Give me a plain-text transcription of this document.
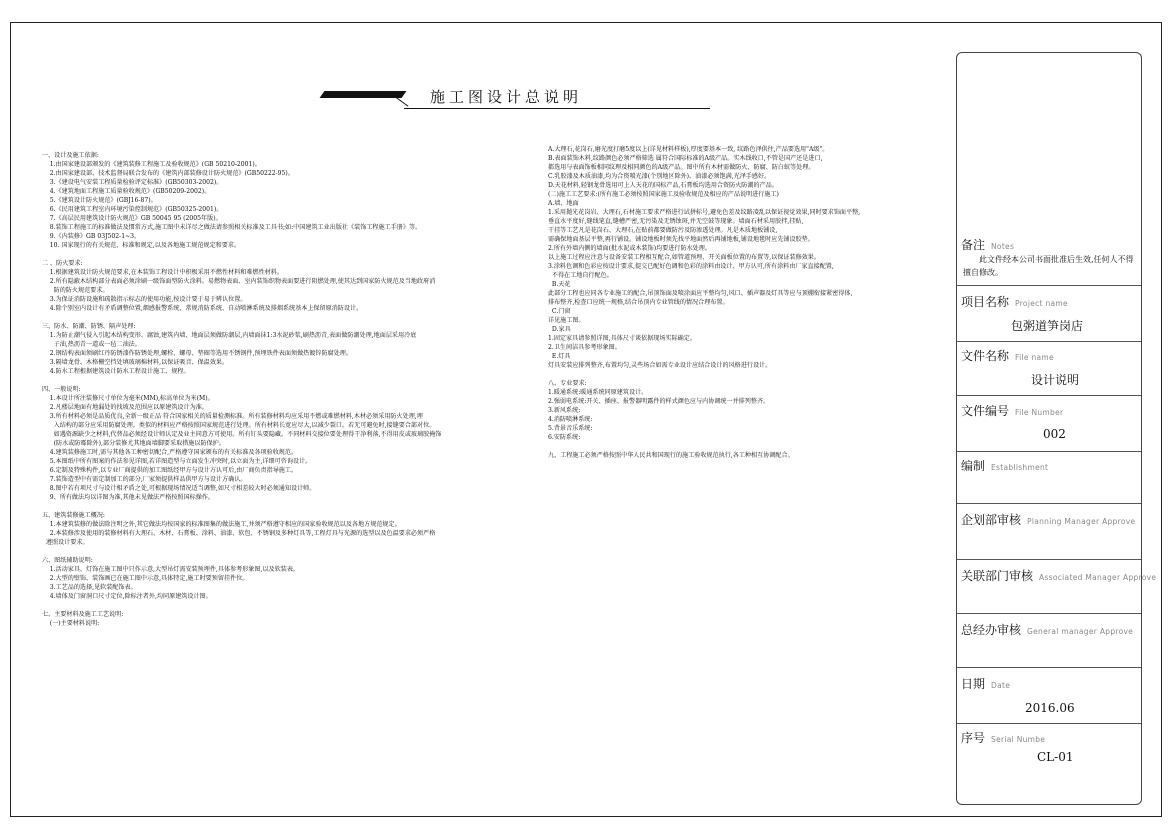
施工图设计总说明
一、设计及施工依据:
1.由国家建设部颁发的《建筑装修工程施工及验收规范》(GB 50210-2001)。
2.由国家建设部、技术监督局联合发布的《建筑内部装修设计防火规范》(GB50222-95)。
3.《建设电气安装工程质量检验评定标准》(GB50303-2002)。
4.《建筑地面工程施工质量验收规范》(GB50209-2002)。
5.《建筑设计防火规范》(GBJ16-87)。
6.《民用建筑工程室内环境污染控制规范》(GB50325-2001)。
7.《高层民用建筑设计防火规范》GB 50045 95 (2005年版)。
8.装饰工程施工的标准做法及惯常方式,施工图中未详尽之做法请参照相关标准及工具书;如:中国建筑工业出版社《装饰工程施工手册》等。
9.《内装修》GB 03J502-1~3。
10. 国家现行的有关规范、标准和规定,以及各地施工规范规定和要求。
二 、防火要求:
1.根据建筑设计防火规范要求,在本装饰工程设计中积极采用不燃性材料和难燃性材料。
2.所有隐蔽木结构部分表面必须涂刷一级饰面型防火涂料。易燃物表面、室内装饰织物表面要进行阻燃处理,使其达到国家防火规范及当地政府消
防的防火规范要求。
3.为保证消防设施和疏散指示标志的使用功能,按设计要于易于辨认位置。
4.除个别室内设计有矛盾调整位置,烟感报警系统、常规消防系统、自动喷淋系统及排烟系统基本上保留原消防设计。
三、防水、防潮、防锈、隔声处理:
1.为防止潮气侵入引起木结构变形、腐蚀,建筑内墙、地面层须做防潮层,内墙面抹1:3水泥砂浆,刷热沥青,表面做防潮处理,地面层采用冷底
子油,热沥青一道或一毡二油法。
2.钢结构表面须刷红丹防锈漆作防锈处理,螺栓、螺母、垫圈等选用不锈钢件,预埋铁件表面须做热镀锌防腐处理。
3.隔墙龙骨、木格栅空挡处填玻璃棉材料,以保证吸音、保温效果。
4.防水工程根据建筑设计防水工程设计施工、规程。
四、一般说明:
1.本设计所注装修尺寸单位为毫米(MM),标高单位为米(M)。
2.凡楼层地面有地漏处的找坡及范围应以原建筑设计为准。
3.所有材料必须是品质优良,全新一级正品 符合国家相关的质量检测标准。所有装修材料均应采用不燃或难燃材料,木材必须采用防火处理,埋
入结构的部分应采用防腐处理。类似的材料应严格按照国家规范进行处理。所有材料长宽应尽大,以减少裂口。若无可避免时,接缝要合部对位。
如遇资源缺少之材料,代替品必须经设计师认定及业主同意方可使用。所有钉头要隐藏。不同材料交接位要处理得干净利落,不得用皮或玻璃胶掩饰
(防水或防霉除外),部分装修尤其地面墙脚要采取措施以防保护。
4.建筑装修施工时,需与其他各工种密切配合,严格遵守国家颁布的有关标准及各项验收规范。
5.本图纸中所有图案的作法参见详图,若详图造型与立面发生冲突时,以立面为主,详细可咨询设计。
6.定制及特殊构件,以专业厂商提供的加工图纸经甲方与设计方认可后,由厂商负责指导施工。
7.装饰造型中有需定制加工的部分,厂家须提供样品供甲方与设计方确认。
8.图中若有项尺寸与设计相矛盾之处,可根据现场情况适当调整,如尺寸相差较大时必须通知设计师。
9、所有做法均以详图为准,其他未见做法严格按照国标操作。
五、建筑装修施工概况:
1.本建筑装修的做法除注明之外,其它做法均按国家的标准图集的做法施工,并须严格遵守相应的国家验收规范以及各地方规范规定。
2.本装修涉及使用的装修材料有大理石、木材、石膏板、涂料、油漆、软包、不锈钢及多种灯具等,工程灯具与光源的选型以及色温要求必须严格
遵照设计要求。
六、图纸辅助说明:
1.活动家具、灯饰在施工图中只作示意,大型吊灯需安装预埋件,具体参考形象图,以及软装表。
2.大型的壁饰、装饰画已在施工图中示意,具体特定,施工时要预留挂件位。
3.工艺品的选择,见软装配饰表。
4.墙体及门窗洞口尺寸定位,除标注者外,均同原建筑设计图。
七、主要材料及施工工艺说明:
(一)主要材料说明:
A.大理石,花岗石,磨光度打磨5度以上(详见材料样板),厚度要基本一致, 纹路色泽供往,产品要选用"A级"。
B.表面装饰木料,纹路颜色必须严格筛选 属符合国际标准的A级产品。实木线收口,不管是国产还是进口,
都选用与表面饰板相同纹理及相同颜色的A级产品。图中所有木材需做防火、防腐、防白蚁等处理。
C.乳胶漆及木质油漆,均为合资喷光漆(个别地区除外)。油漆必须饱满,光泽手感好。
D.天花材料,轻钢龙骨选用可上人天花的国标产品,石膏板均选用合资防火防潮的产品。
(二)施工工艺要求:(所有施工必须按照国家施工及验收规范及相应的产品说明进行施工)
A.墙、地面
1.采用抛光花岗岩、大理石,石材施工要求严格进行试拼标号,避免色差及纹路凌乱以保证视觉效果,同时要求饰面平整,
垂直水平度好,缝线笔直,缝槽严密,无污染及无锈蚀斑,并无空鼓等现象。墙面石材采用胶拌,挂贴,
干挂等工艺凡是花岗石、大理石,在贴前都要做防污及防渗透处理。凡是木质地板铺设,
需确保地面基层平整,再行铺设。铺设地板时须先找平地面然后再铺地板,铺设地毯时应先铺设胶垫。
2.所有外墙内侧的墙面(批水泥或木装饰)均要进行防水处理。
以上施工过程应注意与设备安装工程相互配合,如管道预埋、开关面板位置的布置等,以保证装修效果。
3.涂料色调和色彩应按设计要求,提交已配好色调和色彩的涂料由设计、甲方认可,所有涂料由厂家直接配置,
不得在工地自行配色。
B.天花
此部分工程也应同各专业施工的配合,吊顶饰面及喷涂面应平整均匀,风口、插声器及灯具等应与顶棚衔接紧密得体,
排布整齐,检查口应统一规格,结合吊顶内专业管线的情况合理布置。
C.门窗
详见施工图。
D.家具
1.固定家具请参照详图,具体尺寸谈依据现场实际确定。
2.卫生间洁具参考形象图。
E.灯具
灯具安装应排列整齐,布置均匀,灵些场合如需专业设计应结合设计的风格进行设计。
八、专业要求:
1.暖通系统:暖通系统同原建筑设计。
2.强弱电系统:开关、插座、报警器明露件的样式颜色应与内协调统一并排列整齐。
3.新风系统:
4.消防喷淋系统:
5.背景音乐系统:
6.安防系统:
九、工程施工必须严格按照中华人民共和国现行的施工验收规范执行,各工种相互协调配合。
备注 Notes
此文件经本公司书面批准后生效,任何人不得擅自修改。
项目名称 Project name
包粥道笋岗店
文件名称 File name
设计说明
文件编号 File Number
002
编制 Establishment
企划部审核 Planning Manager Approve
关联部门审核 Associated Manager Approve
总经办审核 General manager Approve
日期 Date
2016.06
序号 Serial Numbe
CL-01
